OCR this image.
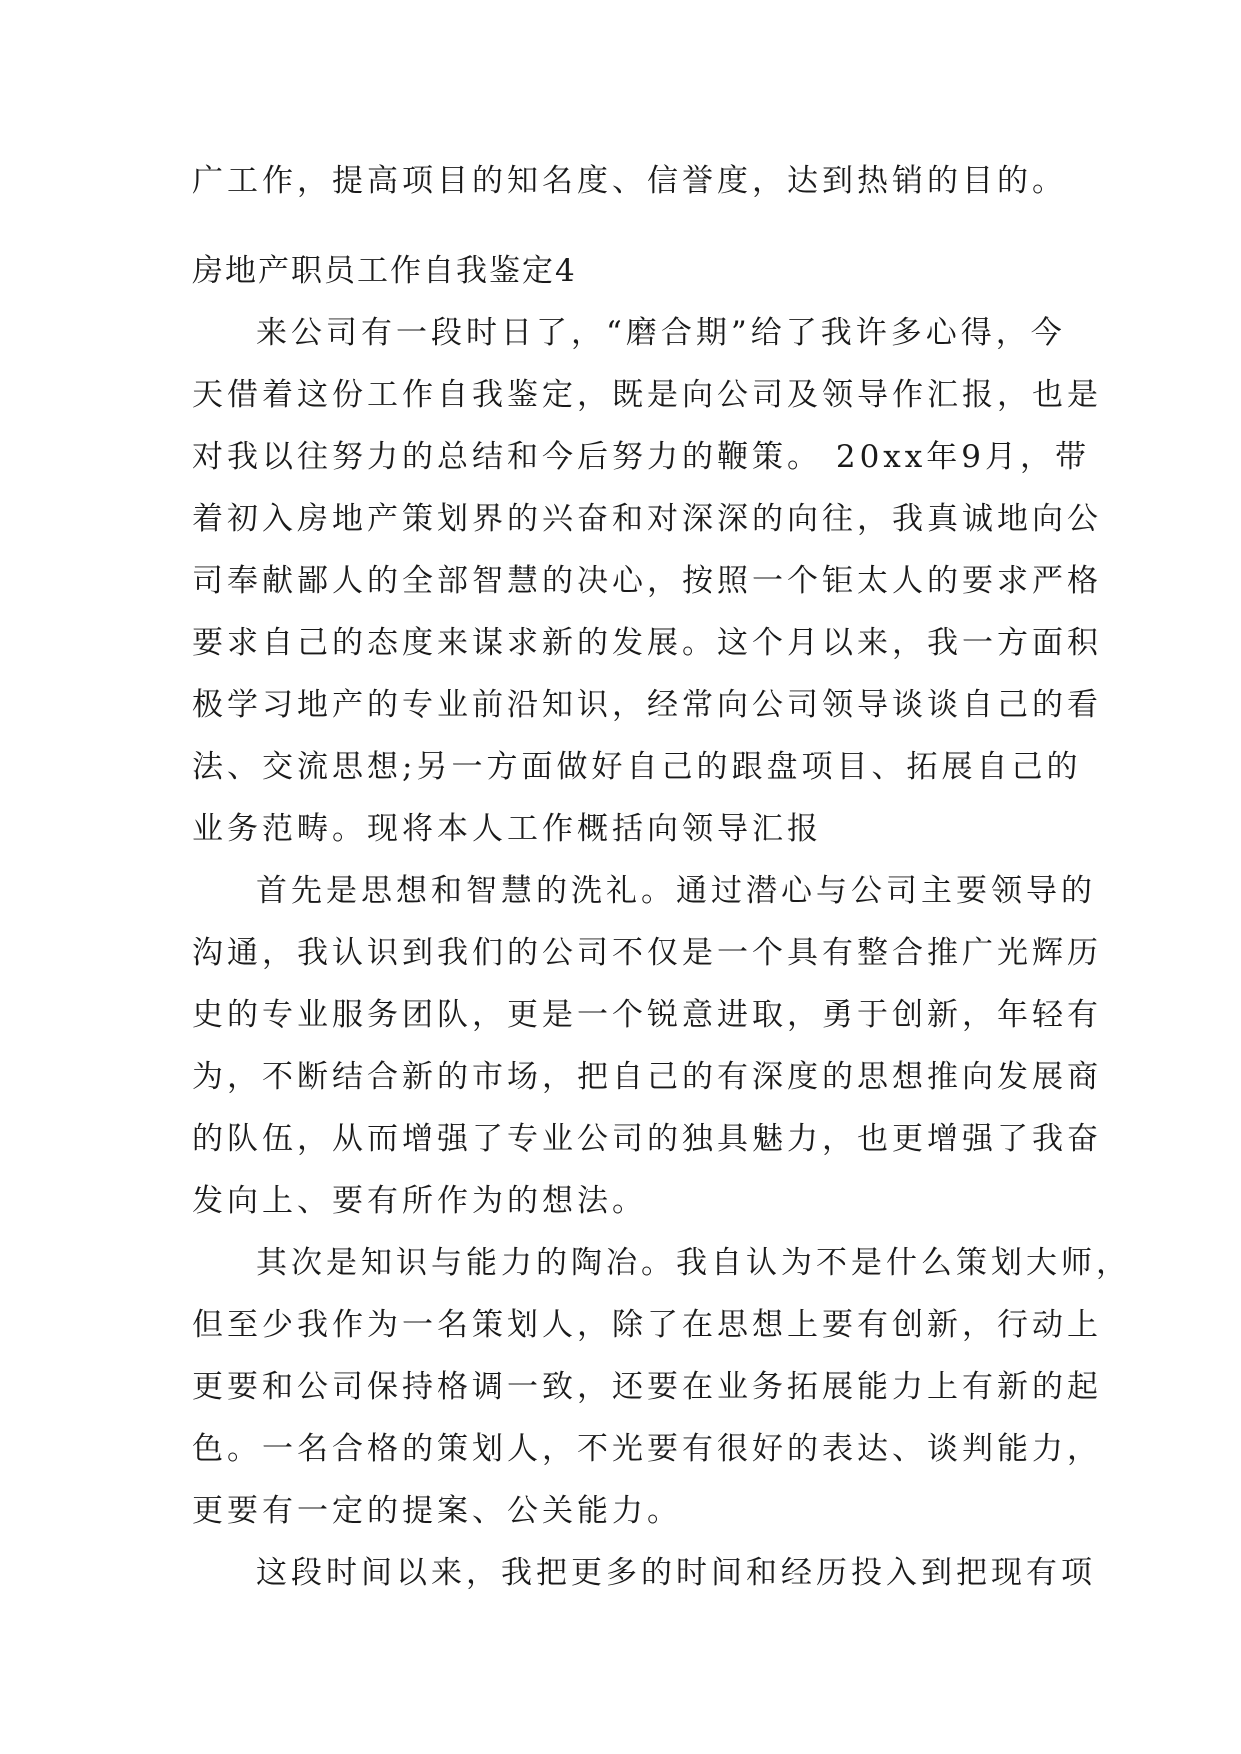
广工作，提高项目的知名度、信誉度，达到热销的目的。
房地产职员工作自我鉴定4
来公司有一段时日了，“磨合期”给了我许多心得，今
天借着这份工作自我鉴定，既是向公司及领导作汇报，也是
对我以往努力的总结和今后努力的鞭策。 20xx年9月，带
着初入房地产策划界的兴奋和对深深的向往，我真诚地向公
司奉献鄙人的全部智慧的决心，按照一个钜太人的要求严格
要求自己的态度来谋求新的发展。这个月以来，我一方面积
极学习地产的专业前沿知识，经常向公司领导谈谈自己的看
法、交流思想;另一方面做好自己的跟盘项目、拓展自己的
业务范畴。现将本人工作概括向领导汇报
首先是思想和智慧的洗礼。通过潜心与公司主要领导的
沟通，我认识到我们的公司不仅是一个具有整合推广光辉历
史的专业服务团队，更是一个锐意进取，勇于创新，年轻有
为，不断结合新的市场，把自己的有深度的思想推向发展商
的队伍，从而增强了专业公司的独具魅力，也更增强了我奋
发向上、要有所作为的想法。
其次是知识与能力的陶冶。我自认为不是什么策划大师，
但至少我作为一名策划人，除了在思想上要有创新，行动上
更要和公司保持格调一致，还要在业务拓展能力上有新的起
色。一名合格的策划人，不光要有很好的表达、谈判能力，
更要有一定的提案、公关能力。
这段时间以来，我把更多的时间和经历投入到把现有项
